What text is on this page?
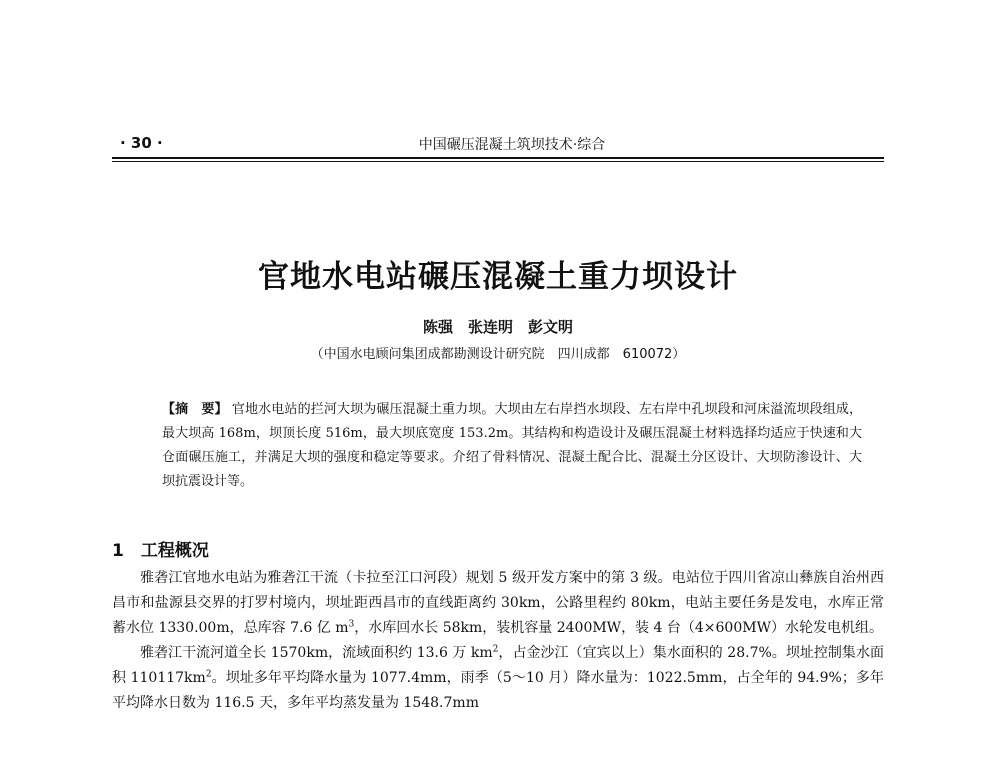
· 30 ·	中国碾压混凝土筑坝技术·综合
官地水电站碾压混凝土重力坝设计
陈强　张连明　彭文明
（中国水电顾问集团成都勘测设计研究院　四川成都　610072）
【摘　要】 官地水电站的拦河大坝为碾压混凝土重力坝。大坝由左右岸挡水坝段、左右岸中孔坝段和河床溢流坝段组成，最大坝高 168m，坝顶长度 516m，最大坝底宽度 153.2m。其结构和构造设计及碾压混凝土材料选择均适应于快速和大仓面碾压施工，并满足大坝的强度和稳定等要求。介绍了骨料情况、混凝土配合比、混凝土分区设计、大坝防渗设计、大坝抗震设计等。
1　工程概况

雅砻江官地水电站为雅砻江干流（卡拉至江口河段）规划 5 级开发方案中的第 3 级。电站位于四川省凉山彝族自治州西昌市和盐源县交界的打罗村境内，坝址距西昌市的直线距离约 30km，公路里程约 80km，电站主要任务是发电，水库正常蓄水位 1330.00m，总库容 7.6 亿 $m^3$，水库回水长 58km，装机容量 2400MW，装 4 台（4×600MW）水轮发电机组。

雅砻江干流河道全长 1570km，流域面积约 13.6 万 $km^2$，占金沙江（宜宾以上）集水面积的 28.7%。坝址控制集水面积 $110117km^2$。坝址多年平均降水量为 1077.4mm，雨季（5～10 月）降水量为：1022.5mm，占全年的 94.9%；多年平均降水日数为 116.5 天，多年平均蒸发量为 1548.7mm
